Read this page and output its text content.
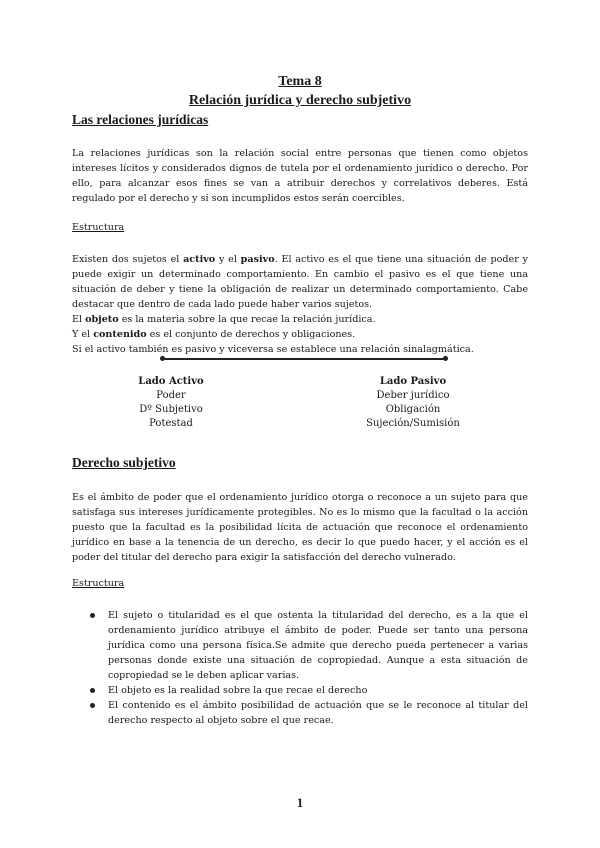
Tema 8
Relación jurídica y derecho subjetivo
Las relaciones jurídicas
La relaciones jurídicas son la relación social entre personas que tienen como objetos intereses lícitos y considerados dignos de tutela por el ordenamiento jurídico o derecho. Por ello, para alcanzar esos fines se van a atribuir derechos y correlativos deberes. Está regulado por el derecho y si son incumplidos estos serán coercibles.
Estructura
Existen dos sujetos el activo y el pasivo. El activo es el que tiene una situación de poder y puede exigir un determinado comportamiento. En cambio el pasivo es el que tiene una situación de deber y tiene la obligación de realizar un determinado comportamiento. Cabe destacar que dentro de cada lado puede haber varios sujetos.
El objeto es la materia sobre la que recae la relación jurídica.
Y el contenido es el conjunto de derechos y obligaciones.
Si el activo también es pasivo y viceversa se establece una relación sinalagmática.
Lado Activo
Poder
Dº Subjetivo
Potestad
Lado Pasivo
Deber jurídico
Obligación
Sujeción/Sumisión
Derecho subjetivo
Es el ámbito de poder que el ordenamiento jurídico otorga o reconoce a un sujeto para que satisfaga sus intereses jurídicamente protegibles. No es lo mismo que la facultad o la acción puesto que la facultad es la posibilidad lícita de actuación que reconoce el ordenamiento jurídico en base a la tenencia de un derecho, es decir lo que puedo hacer, y el acción es el poder del titular del derecho para exigir la satisfacción del derecho vulnerado.
Estructura
El sujeto o titularidad es el que ostenta la titularidad del derecho, es a la que el ordenamiento jurídico atribuye el ámbito de poder. Puede ser tanto una persona jurídica como una persona física.Se admite que derecho pueda pertenecer a varias personas donde existe una situación de copropiedad. Aunque a esta situación de copropiedad se le deben aplicar varias.
El objeto es la realidad sobre la que recae el derecho
El contenido es el ámbito posibilidad de actuación que se le reconoce al titular del derecho respecto al objeto sobre el que recae.
1
